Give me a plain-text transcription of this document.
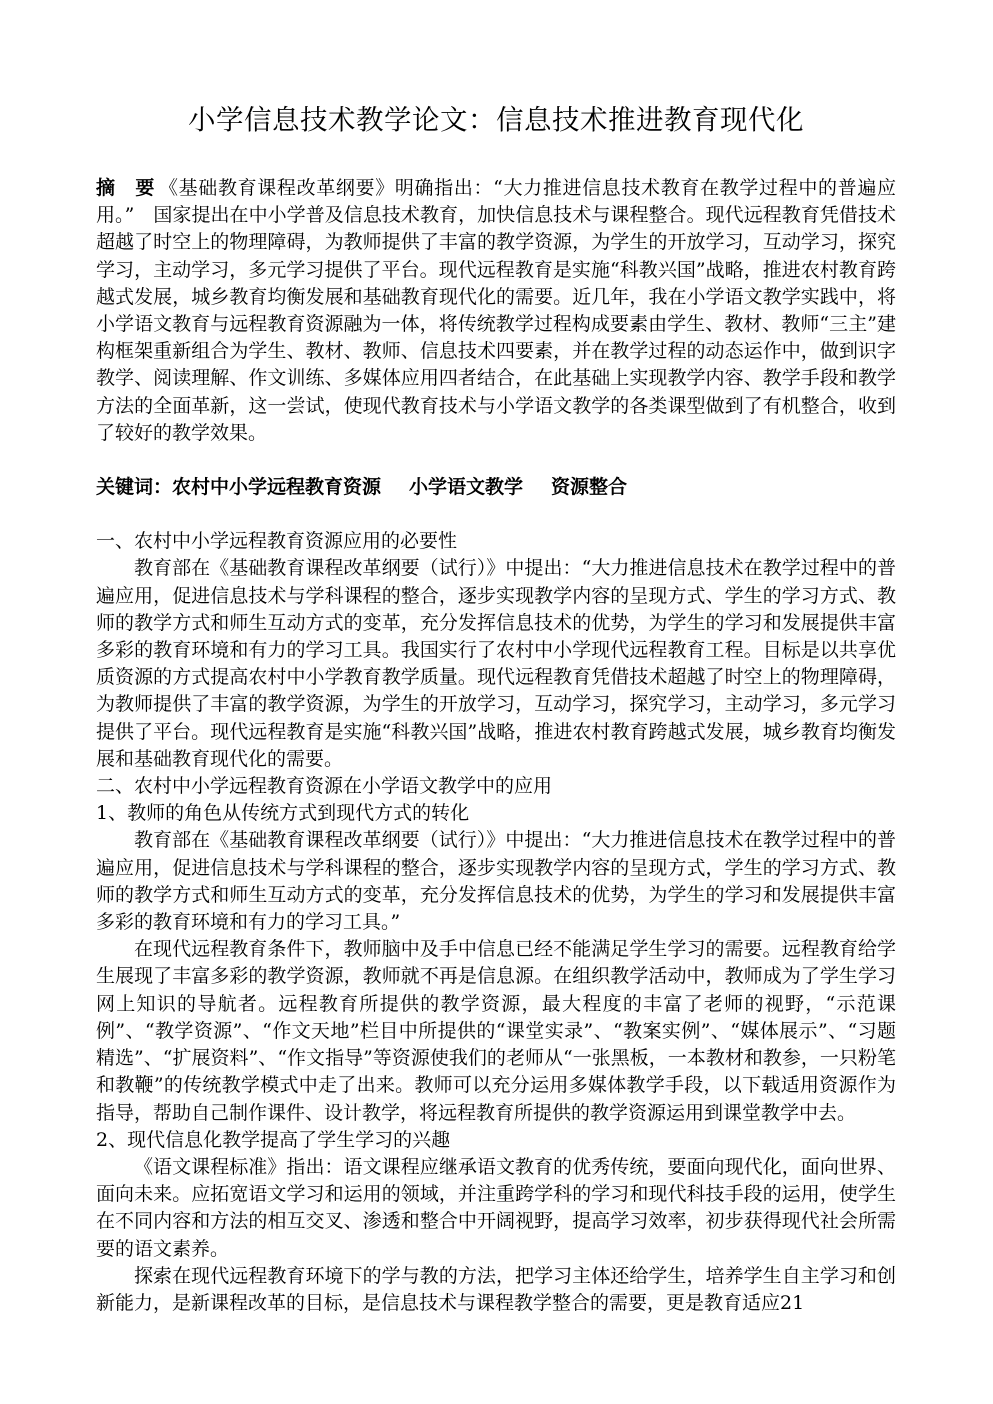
小学信息技术教学论文：信息技术推进教育现代化

摘　要 《基础教育课程改革纲要》明确指出：“大力推进信息技术教育在教学过程中的普遍应用。”　国家提出在中小学普及信息技术教育，加快信息技术与课程整合。现代远程教育凭借技术超越了时空上的物理障碍，为教师提供了丰富的教学资源，为学生的开放学习，互动学习，探究学习，主动学习，多元学习提供了平台。现代远程教育是实施“科教兴国”战略，推进农村教育跨越式发展，城乡教育均衡发展和基础教育现代化的需要。近几年，我在小学语文教学实践中，将小学语文教育与远程教育资源融为一体，将传统教学过程构成要素由学生、教材、教师“三主”建构框架重新组合为学生、教材、教师、信息技术四要素，并在教学过程的动态运作中，做到识字教学、阅读理解、作文训练、多媒体应用四者结合，在此基础上实现教学内容、教学手段和教学方法的全面革新，这一尝试，使现代教育技术与小学语文教学的各类课型做到了有机整合，收到了较好的教学效果。

关键词：农村中小学远程教育资源 小学语文教学 资源整合

一、农村中小学远程教育资源应用的必要性

教育部在《基础教育课程改革纲要（试行）》中提出：“大力推进信息技术在教学过程中的普遍应用，促进信息技术与学科课程的整合，逐步实现教学内容的呈现方式、学生的学习方式、教师的教学方式和师生互动方式的变革，充分发挥信息技术的优势，为学生的学习和发展提供丰富多彩的教育环境和有力的学习工具。我国实行了农村中小学现代远程教育工程。目标是以共享优质资源的方式提高农村中小学教育教学质量。现代远程教育凭借技术超越了时空上的物理障碍，为教师提供了丰富的教学资源，为学生的开放学习，互动学习，探究学习，主动学习，多元学习提供了平台。现代远程教育是实施“科教兴国”战略，推进农村教育跨越式发展，城乡教育均衡发展和基础教育现代化的需要。

二、农村中小学远程教育资源在小学语文教学中的应用

1、教师的角色从传统方式到现代方式的转化

教育部在《基础教育课程改革纲要（试行）》中提出：“大力推进信息技术在教学过程中的普遍应用，促进信息技术与学科课程的整合，逐步实现教学内容的呈现方式，学生的学习方式、教师的教学方式和师生互动方式的变革，充分发挥信息技术的优势，为学生的学习和发展提供丰富多彩的教育环境和有力的学习工具。”

在现代远程教育条件下，教师脑中及手中信息已经不能满足学生学习的需要。远程教育给学生展现了丰富多彩的教学资源，教师就不再是信息源。在组织教学活动中，教师成为了学生学习网上知识的导航者。远程教育所提供的教学资源，最大程度的丰富了老师的视野，“示范课例”、“教学资源”、“作文天地”栏目中所提供的“课堂实录”、“教案实例”、“媒体展示”、“习题精选”、“扩展资料”、“作文指导”等资源使我们的老师从“一张黑板，一本教材和教参，一只粉笔和教鞭”的传统教学模式中走了出来。教师可以充分运用多媒体教学手段，以下载适用资源作为指导，帮助自己制作课件、设计教学，将远程教育所提供的教学资源运用到课堂教学中去。

2、现代信息化教学提高了学生学习的兴趣

《语文课程标准》指出：语文课程应继承语文教育的优秀传统，要面向现代化，面向世界、面向未来。应拓宽语文学习和运用的领域，并注重跨学科的学习和现代科技手段的运用，使学生在不同内容和方法的相互交叉、渗透和整合中开阔视野，提高学习效率，初步获得现代社会所需要的语文素养。

探索在现代远程教育环境下的学与教的方法，把学习主体还给学生，培养学生自主学习和创新能力，是新课程改革的目标，是信息技术与课程教学整合的需要，更是教育适应21
